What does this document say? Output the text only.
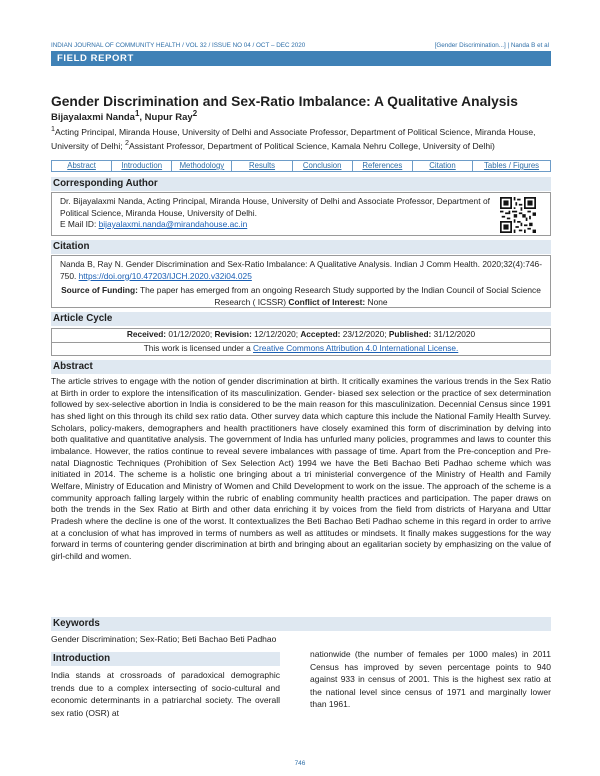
INDIAN JOURNAL OF COMMUNITY HEALTH / VOL 32 / ISSUE NO 04 / OCT – DEC 2020	[Gender Discrimination...] | Nanda B et al
FIELD REPORT
Gender Discrimination and Sex-Ratio Imbalance: A Qualitative Analysis
Bijayalaxmi Nanda$^1$, Nupur Ray$^2$
$^1$Acting Principal, Miranda House, University of Delhi and Associate Professor, Department of Political Science, Miranda House, University of Delhi; $^2$Assistant Professor, Department of Political Science, Kamala Nehru College, University of Delhi)
Abstract	Introduction	Methodology	Results	Conclusion	References	Citation	Tables / Figures
Corresponding Author
Dr. Bijayalaxmi Nanda, Acting Principal, Miranda House, University of Delhi and Associate Professor, Department of Political Science, Miranda House, University of Delhi.
E Mail ID: bijayalaxmi.nanda@mirandahouse.ac.in
Citation
Nanda B, Ray N. Gender Discrimination and Sex-Ratio Imbalance: A Qualitative Analysis. Indian J Comm Health. 2020;32(4):746-750. https://doi.org/10.47203/IJCH.2020.v32i04.025
Source of Funding: The paper has emerged from an ongoing Research Study supported by the Indian Council of Social Science Research ( ICSSR) Conflict of Interest: None
Article Cycle
Received: 01/12/2020; Revision: 12/12/2020; Accepted: 23/12/2020; Published: 31/12/2020
This work is licensed under a Creative Commons Attribution 4.0 International License.
Abstract
The article strives to engage with the notion of gender discrimination at birth. It critically examines the various trends in the Sex Ratio at Birth in order to explore the intensification of its masculinization. Gender- biased sex selection or the practice of sex determination followed by sex-selective abortion in India is considered to be the main reason for this masculinization. Decennial Census since 1991 has shed light on this through its child sex ratio data. Other survey data which capture this include the National Family Health Survey. Scholars, policy-makers, demographers and health practitioners have closely examined this form of discrimination by delving into both qualitative and quantitative analysis. The government of India has unfurled many policies, programmes and laws to counter this imbalance. However, the ratios continue to reveal severe imbalances with passage of time. Apart from the Pre-conception and Pre-natal Diagnostic Techniques (Prohibition of Sex Selection Act) 1994 we have the Beti Bachao Beti Padhao scheme which was initiated in 2014. The scheme is a holistic one bringing about a tri ministerial convergence of the Ministry of Health and Family Welfare, Ministry of Education and Ministry of Women and Child Development to work on the issue. The approach of the scheme is a community approach falling largely within the rubric of enabling community health practices and participation. The paper draws on both the trends in the Sex Ratio at Birth and other data enriching it by voices from the field from districts of Haryana and Uttar Pradesh where the decline is one of the worst. It contextualizes the Beti Bachao Beti Padhao scheme in this regard in order to arrive at a conclusion of what has improved in terms of numbers as well as attitudes or mindsets. It finally makes suggestions for the way forward in terms of countering gender discrimination at birth and bringing about an egalitarian society by emphasizing on the value of girl-child and women.
Keywords
Gender Discrimination; Sex-Ratio; Beti Bachao Beti Padhao
Introduction
India stands at crossroads of paradoxical demographic trends due to a complex intersecting of socio-cultural and economic determinants in a patriarchal society. The overall sex ratio (OSR) at
nationwide (the number of females per 1000 males) in 2011 Census has improved by seven percentage points to 940 against 933 in census of 2001. This is the highest sex ratio at the national level since census of 1971 and marginally lower than 1961.
746
